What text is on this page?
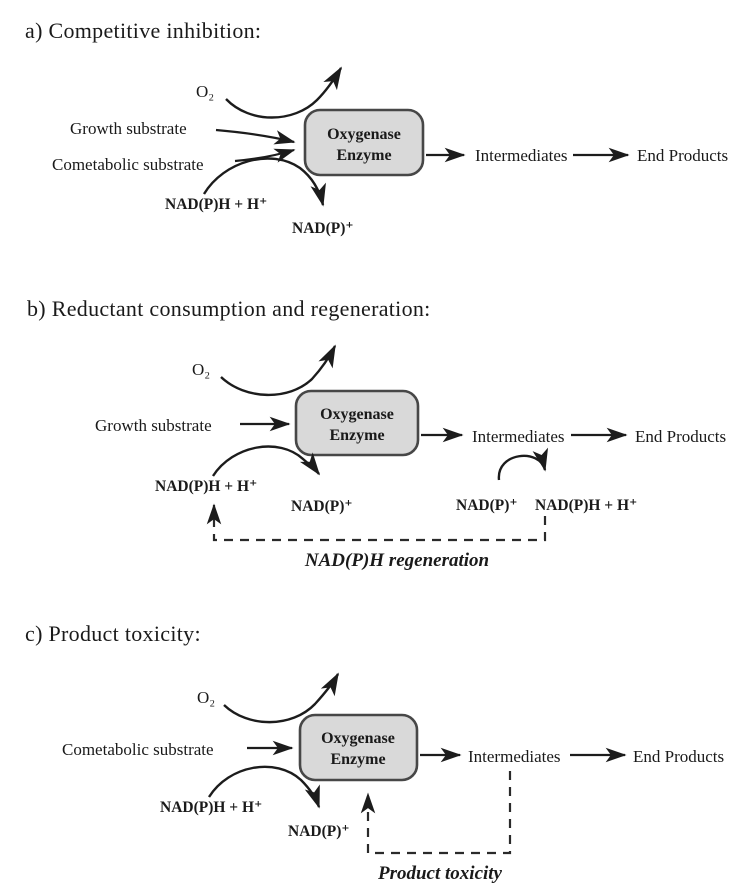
a) Competitive inhibition:
O₂
Growth substrate
Cometabolic substrate
NAD(P)H + H⁺
NAD(P)⁺
Oxygenase
Enzyme	Intermediates	End Products
b) Reductant consumption and regeneration:
O₂
Growth substrate
Oxygenase
Enzyme
NAD(P)H + H⁺
NAD(P)⁺
Intermediates	End Products
NAD(P)⁺ NAD(P)H + H⁺
NAD(P)H regeneration
c) Product toxicity:
O₂
Cometabolic substrate
Oxygenase
Enzyme
NAD(P)H + H⁺
NAD(P)⁺
Intermediates	End Products
Product toxicity
